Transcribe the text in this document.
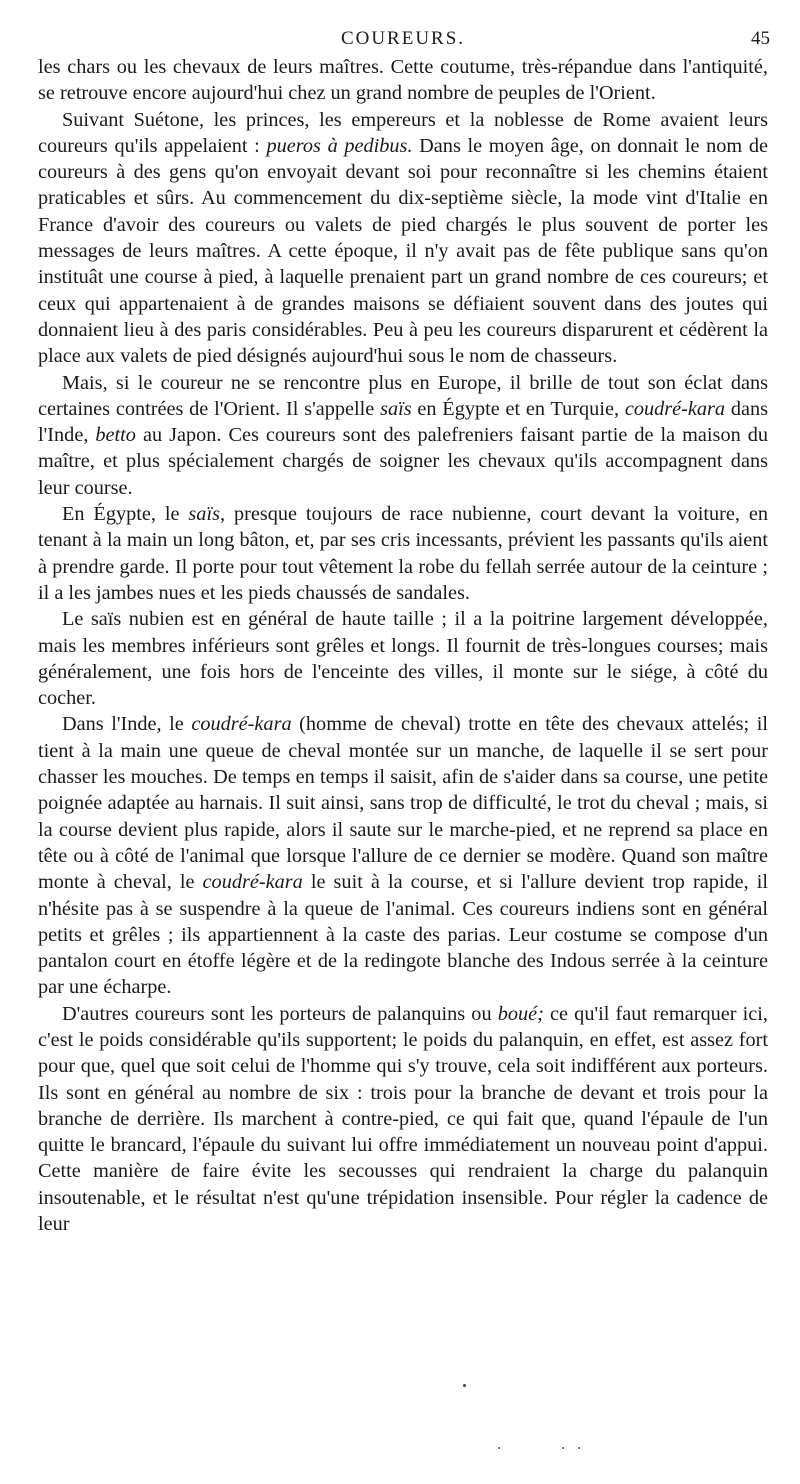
COUREURS.	45

les chars ou les chevaux de leurs maîtres. Cette coutume, très-répandue dans l'antiquité, se retrouve encore aujourd'hui chez un grand nombre de peuples de l'Orient.

Suivant Suétone, les princes, les empereurs et la noblesse de Rome avaient leurs coureurs qu'ils appelaient : pueros à pedibus. Dans le moyen âge, on donnait le nom de coureurs à des gens qu'on envoyait devant soi pour reconnaître si les chemins étaient praticables et sûrs. Au commencement du dix-septième siècle, la mode vint d'Italie en France d'avoir des coureurs ou valets de pied chargés le plus souvent de porter les messages de leurs maîtres. A cette époque, il n'y avait pas de fête publique sans qu'on instituât une course à pied, à laquelle prenaient part un grand nombre de ces coureurs; et ceux qui appartenaient à de grandes maisons se défiaient souvent dans des joutes qui donnaient lieu à des paris considérables. Peu à peu les coureurs disparurent et cédèrent la place aux valets de pied désignés aujourd'hui sous le nom de chasseurs.

Mais, si le coureur ne se rencontre plus en Europe, il brille de tout son éclat dans certaines contrées de l'Orient. Il s'appelle saïs en Égypte et en Turquie, coudré-kara dans l'Inde, betto au Japon. Ces coureurs sont des palefreniers faisant partie de la maison du maître, et plus spécialement chargés de soigner les chevaux qu'ils accompagnent dans leur course.

En Égypte, le saïs, presque toujours de race nubienne, court devant la voiture, en tenant à la main un long bâton, et, par ses cris incessants, prévient les passants qu'ils aient à prendre garde. Il porte pour tout vêtement la robe du fellah serrée autour de la ceinture ; il a les jambes nues et les pieds chaussés de sandales.

Le saïs nubien est en général de haute taille ; il a la poitrine largement développée, mais les membres inférieurs sont grêles et longs. Il fournit de très-longues courses; mais généralement, une fois hors de l'enceinte des villes, il monte sur le siége, à côté du cocher.

Dans l'Inde, le coudré-kara (homme de cheval) trotte en tête des chevaux attelés; il tient à la main une queue de cheval montée sur un manche, de laquelle il se sert pour chasser les mouches. De temps en temps il saisit, afin de s'aider dans sa course, une petite poignée adaptée au harnais. Il suit ainsi, sans trop de difficulté, le trot du cheval ; mais, si la course devient plus rapide, alors il saute sur le marche-pied, et ne reprend sa place en tête ou à côté de l'animal que lorsque l'allure de ce dernier se modère. Quand son maître monte à cheval, le coudré-kara le suit à la course, et si l'allure devient trop rapide, il n'hésite pas à se suspendre à la queue de l'animal. Ces coureurs indiens sont en général petits et grêles ; ils appartiennent à la caste des parias. Leur costume se compose d'un pantalon court en étoffe légère et de la redingote blanche des Indous serrée à la ceinture par une écharpe.

D'autres coureurs sont les porteurs de palanquins ou boué; ce qu'il faut remarquer ici, c'est le poids considérable qu'ils supportent; le poids du palanquin, en effet, est assez fort pour que, quel que soit celui de l'homme qui s'y trouve, cela soit indifférent aux porteurs. Ils sont en général au nombre de six : trois pour la branche de devant et trois pour la branche de derrière. Ils marchent à contre-pied, ce qui fait que, quand l'épaule de l'un quitte le brancard, l'épaule du suivant lui offre immédiatement un nouveau point d'appui. Cette manière de faire évite les secousses qui rendraient la charge du palanquin insoutenable, et le résultat n'est qu'une trépidation insensible. Pour régler la cadence de leur
